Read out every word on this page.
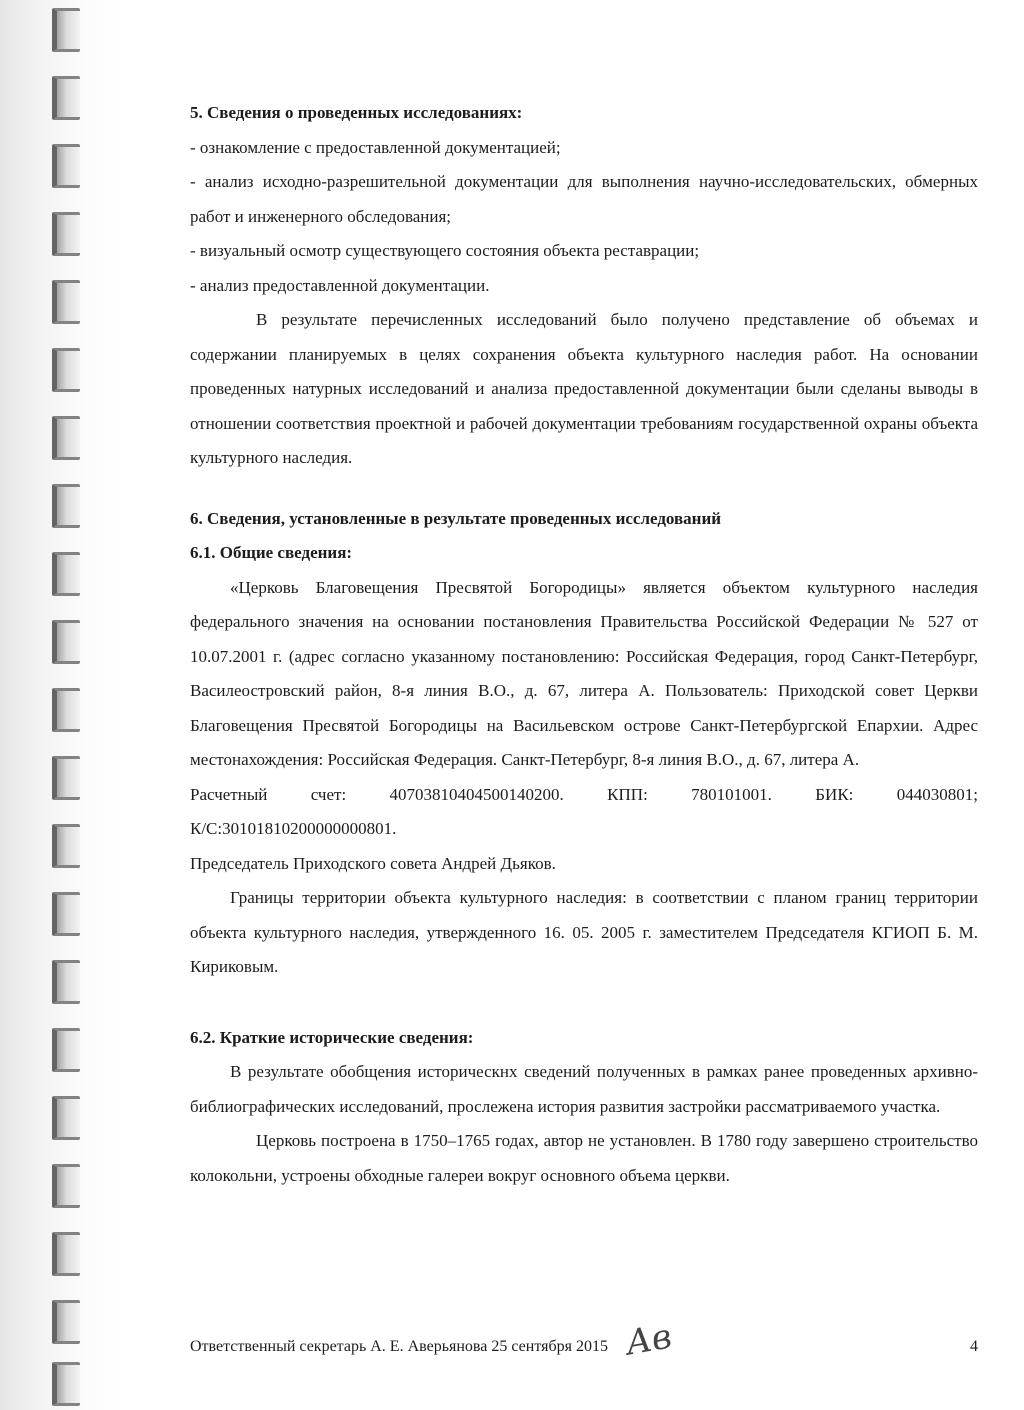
5. Сведения о проведенных исследованиях:

- ознакомление с предоставленной документацией;

- анализ исходно-разрешительной документации для выполнения научно-исследовательских, обмерных работ и инженерного обследования;

- визуальный осмотр существующего состояния объекта реставрации;

- анализ предоставленной документации.

В результате перечисленных исследований было получено представление об объемах и содержании планируемых в целях сохранения объекта культурного наследия работ. На основании проведенных натурных исследований и анализа предоставленной документации были сделаны выводы в отношении соответствия проектной и рабочей документации требованиям государственной охраны объекта культурного наследия.

6. Сведения, установленные в результате проведенных исследований

6.1. Общие сведения:

«Церковь Благовещения Пресвятой Богородицы» является объектом культурного наследия федерального значения на основании постановления Правительства Российской Федерации № 527 от 10.07.2001 г. (адрес согласно указанному постановлению: Российская Федерация, город Санкт-Петербург, Василеостровский район, 8-я линия В.О., д. 67, литера А. Пользователь: Приходской совет Церкви Благовещения Пресвятой Богородицы на Васильевском острове Санкт-Петербургской Епархии. Адрес местонахождения: Российская Федерация. Санкт-Петербург, 8-я линия В.О., д. 67, литера А.

Расчетный счет: 40703810404500140200. КПП: 780101001. БИК: 044030801;

К/С:30101810200000000801.

Председатель Приходского совета Андрей Дьяков.

Границы территории объекта культурного наследия: в соответствии с планом границ территории объекта культурного наследия, утвержденного 16. 05. 2005 г. заместителем Председателя КГИОП Б. М. Кириковым.

6.2. Краткие исторические сведения:

В результате обобщения историческнх сведений полученных в рамках ранее проведенных архивно-библиографических исследований, прослежена история развития застройки рассматриваемого участка.

Церковь построена в 1750–1765 годах, автор не установлен. В 1780 году завершено строительство колокольни, устроены обходные галереи вокруг основного объема церкви.

Ответственный секретарь А. Е. Аверьянова 25 сентября 2015 Ав	4
